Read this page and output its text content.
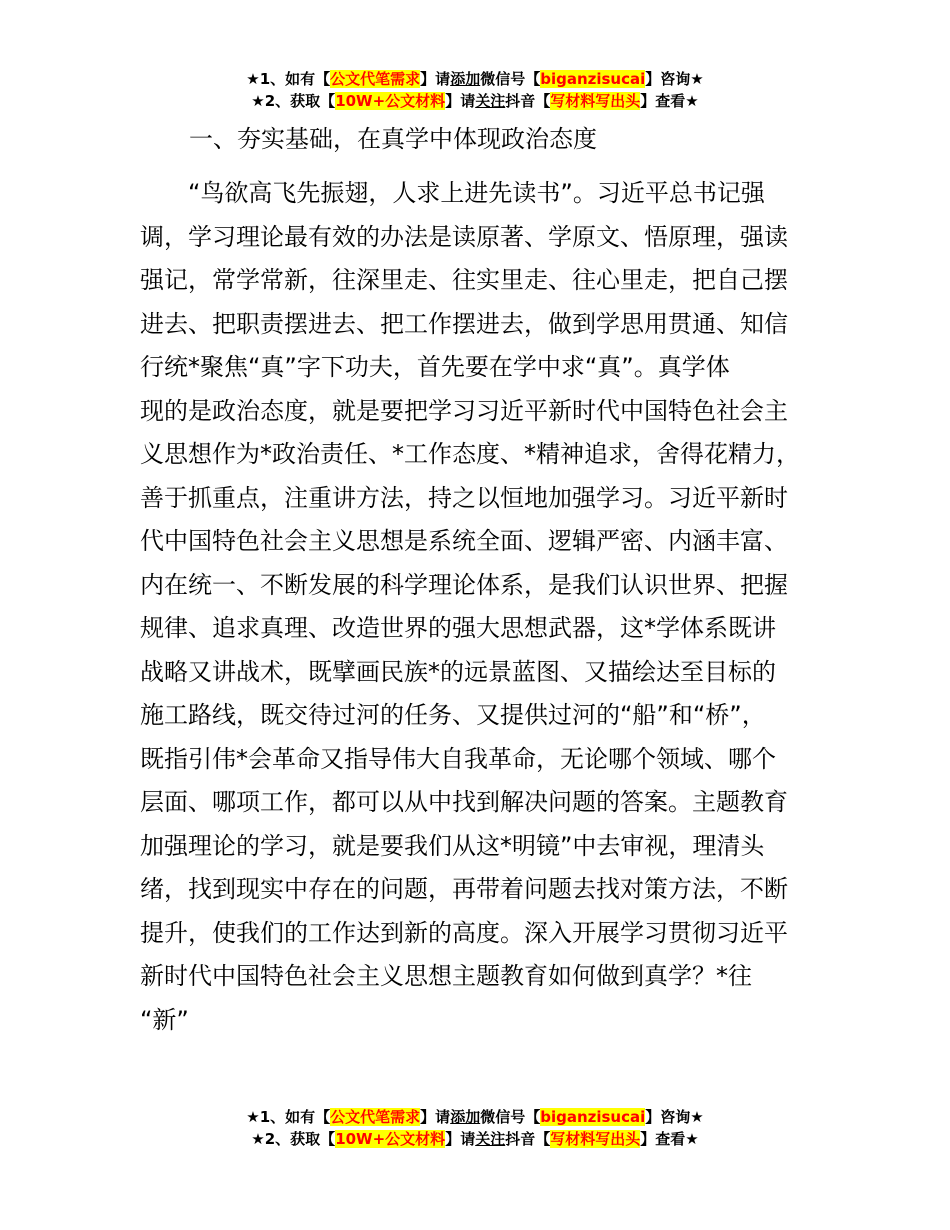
★1、如有【公文代笔需求】请添加微信号【biganzisucai】咨询★
★2、获取【10W+公文材料】请关注抖音【写材料写出头】查看★
一、夯实基础，在真学中体现政治态度
“鸟欲高飞先振翅，人求上进先读书”。习近平总书记强
调，学习理论最有效的办法是读原著、学原文、悟原理，强读
强记，常学常新，往深里走、往实里走、往心里走，把自己摆
进去、把职责摆进去、把工作摆进去，做到学思用贯通、知信
行统*聚焦“真”字下功夫，首先要在学中求“真”。真学体
现的是政治态度，就是要把学习习近平新时代中国特色社会主
义思想作为*政治责任、*工作态度、*精神追求，舍得花精力，
善于抓重点，注重讲方法，持之以恒地加强学习。习近平新时
代中国特色社会主义思想是系统全面、逻辑严密、内涵丰富、
内在统一、不断发展的科学理论体系，是我们认识世界、把握
规律、追求真理、改造世界的强大思想武器，这*学体系既讲
战略又讲战术，既擘画民族*的远景蓝图、又描绘达至目标的
施工路线，既交待过河的任务、又提供过河的“船”和“桥”，
既指引伟*会革命又指导伟大自我革命，无论哪个领域、哪个
层面、哪项工作，都可以从中找到解决问题的答案。主题教育
加强理论的学习，就是要我们从这*明镜”中去审视，理清头
绪，找到现实中存在的问题，再带着问题去找对策方法，不断
提升，使我们的工作达到新的高度。深入开展学习贯彻习近平
新时代中国特色社会主义思想主题教育如何做到真学？*往
“新”
★1、如有【公文代笔需求】请添加微信号【biganzisucai】咨询★
★2、获取【10W+公文材料】请关注抖音【写材料写出头】查看★
